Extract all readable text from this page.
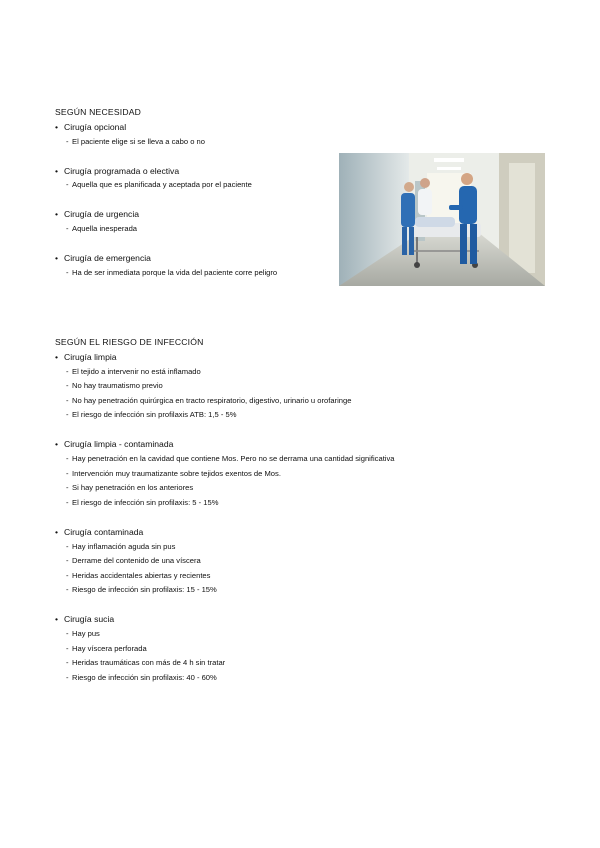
SEGÚN NECESIDAD
• Cirugía opcional
- El paciente elige si se lleva a cabo o no
• Cirugía programada o electiva
- Aquella que es planificada y aceptada por el paciente
• Cirugía de urgencia
- Aquella inesperada
• Cirugía de emergencia
- Ha de ser inmediata porque la vida del paciente corre peligro
SEGÚN EL RIESGO DE INFECCIÓN
• Cirugía limpia
- El tejido a intervenir no está inflamado
- No hay traumatismo previo
- No hay penetración quirúrgica en tracto respiratorio, digestivo, urinario u orofaringe
- El riesgo de infección sin profilaxis ATB: 1,5 - 5%
• Cirugía limpia - contaminada
- Hay penetración en la cavidad que contiene Mos. Pero no se derrama una cantidad significativa
- Intervención muy traumatizante sobre tejidos exentos de Mos.
- Si hay penetración en los anteriores
- El riesgo de infección sin profilaxis: 5 - 15%
• Cirugía contaminada
- Hay inflamación aguda sin pus
- Derrame del contenido de una víscera
- Heridas accidentales abiertas y recientes
- Riesgo de infección sin profilaxis: 15 - 15%
• Cirugía sucia
- Hay pus
- Hay víscera perforada
- Heridas traumáticas con más de 4 h sin tratar
- Riesgo de infección sin profilaxis: 40 - 60%
